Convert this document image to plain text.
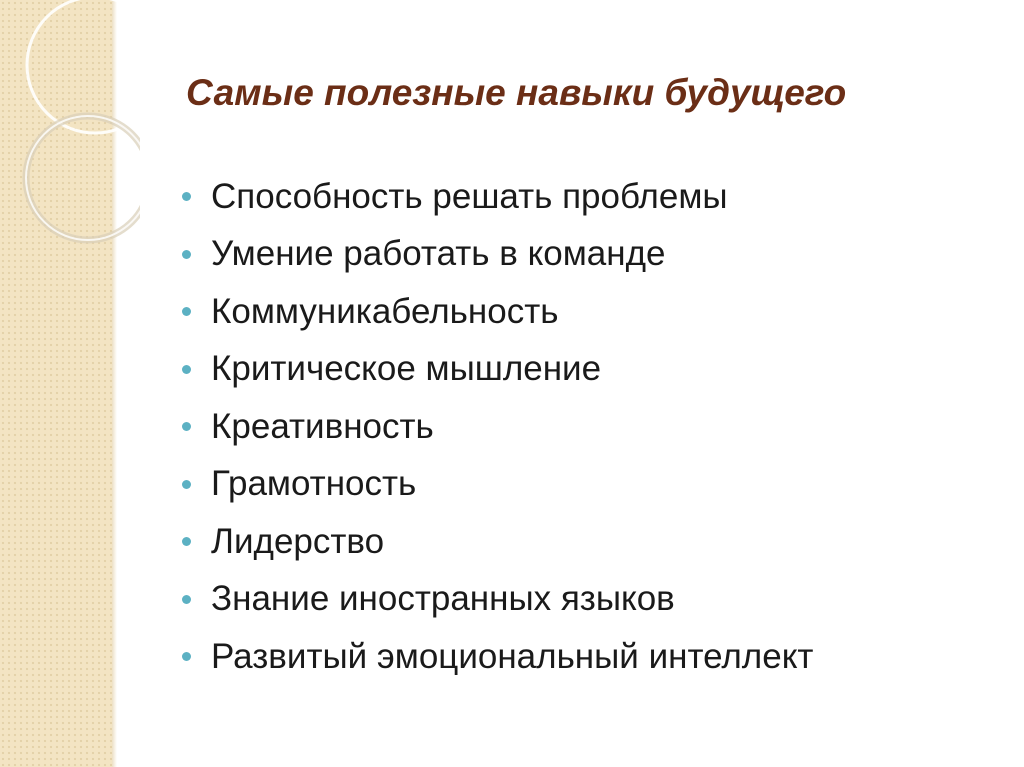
Самые полезные навыки будущего
Способность решать проблемы
Умение работать в команде
Коммуникабельность
Критическое мышление
Креативность
Грамотность
Лидерство
Знание иностранных языков
Развитый эмоциональный интеллект
